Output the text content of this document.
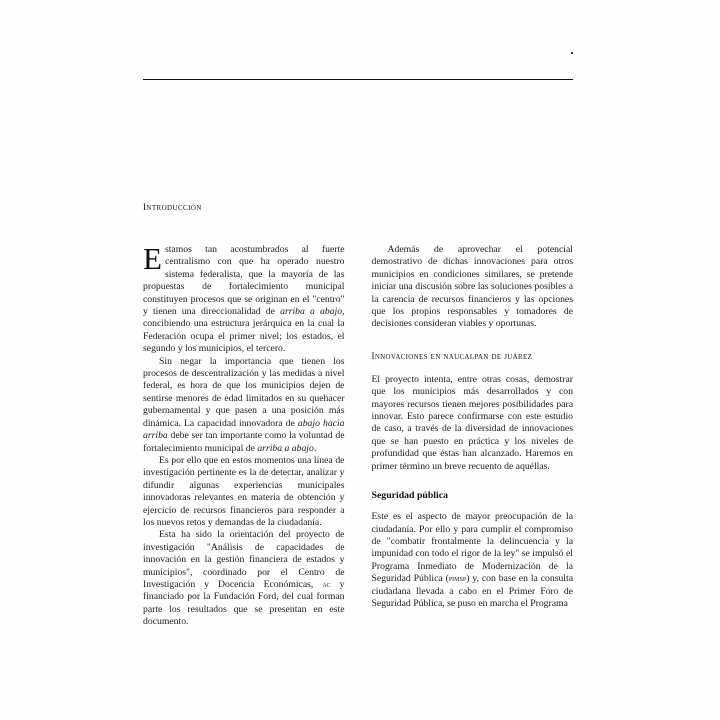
introducción

Estamos tan acostumbrados al fuerte centralismo con que ha operado nuestro sistema federalista, que la mayoría de las propuestas de fortalecimiento municipal constituyen procesos que se originan en el "centro" y tienen una direccionalidad de arriba a abajo, concibiendo una estructura jerárquica en la cual la Federación ocupa el primer nivel; los estados, el segundo y los municipios, el tercero.

Sin negar la importancia que tienen los procesos de descentralización y las medidas a nivel federal, es hora de que los municipios dejen de sentirse menores de edad limitados en su quehacer gubernamental y que pasen a una posición más dinámica. La capacidad innovadora de abajo hacia arriba debe ser tan importante como la voluntad de fortalecimiento municipal de arriba a abajo.

Es por ello que en estos momentos una línea de investigación pertinente es la de detectar, analizar y difundir algunas experiencias municipales innovadoras relevantes en materia de obtención y ejercicio de recursos financieros para responder a los nuevos retos y demandas de la ciudadanía.

Esta ha sido la orientación del proyecto de investigación "Análisis de capacidades de innovación en la gestión financiera de estados y municipios", coordinado por el Centro de Investigación y Docencia Económicas, ac y financiado por la Fundación Ford, del cual forman parte los resultados que se presentan en este documento.

Además de aprovechar el potencial demostrativo de dichas innovaciones para otros municipios en condiciones similares, se pretende iniciar una discusión sobre las soluciones posibles a la carencia de recursos financieros y las opciones que los propios responsables y tomadores de decisiones consideran viables y oportunas.

innovaciones en naucalpan de juárez

El proyecto intenta, entre otras cosas, demostrar que los municipios más desarrollados y con mayores recursos tienen mejores posibilidades para innovar. Esto parece confirmarse con este estudio de caso, a través de la diversidad de innovaciones que se han puesto en práctica y los niveles de profundidad que éstas han alcanzado. Haremos en primer término un breve recuento de aquéllas.

Seguridad pública

Este es el aspecto de mayor preocupación de la ciudadanía. Por ello y para cumplir el compromiso de "combatir frontalmente la delincuencia y la impunidad con todo el rigor de la ley" se impulsó el Programa Inmediato de Modernización de la Seguridad Pública (pimsp) y, con base en la consulta ciudadana llevada a cabo en el Primer Foro de Seguridad Pública, se puso en marcha el Programa
